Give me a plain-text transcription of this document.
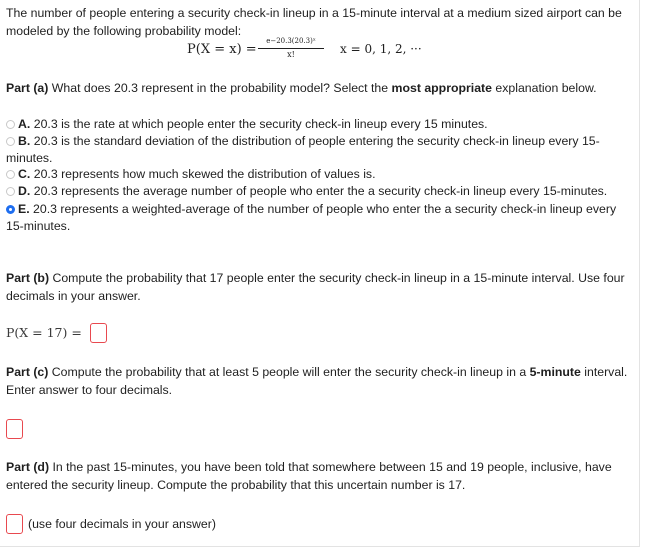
The number of people entering a security check-in lineup in a 15-minute interval at a medium sized airport can be modeled by the following probability model:
P(X = x) =
e−20.3(20.3)ˣ
x!	x = 0, 1, 2, ···
Part (a) What does 20.3 represent in the probability model? Select the most appropriate explanation below.
A. 20.3 is the rate at which people enter the security check-in lineup every 15 minutes.
B. 20.3 is the standard deviation of the distribution of people entering the security check-in lineup every 15-minutes.
C. 20.3 represents how much skewed the distribution of values is.
D. 20.3 represents the average number of people who enter the a security check-in lineup every 15-minutes.
E. 20.3 represents a weighted-average of the number of people who enter the a security check-in lineup every 15-minutes.
Part (b) Compute the probability that 17 people enter the security check-in lineup in a 15-minute interval. Use four decimals in your answer.
P(X = 17) =
Part (c) Compute the probability that at least 5 people will enter the security check-in lineup in a 5-minute interval. Enter answer to four decimals.
Part (d) In the past 15-minutes, you have been told that somewhere between 15 and 19 people, inclusive, have entered the security lineup. Compute the probability that this uncertain number is 17.
(use four decimals in your answer)
